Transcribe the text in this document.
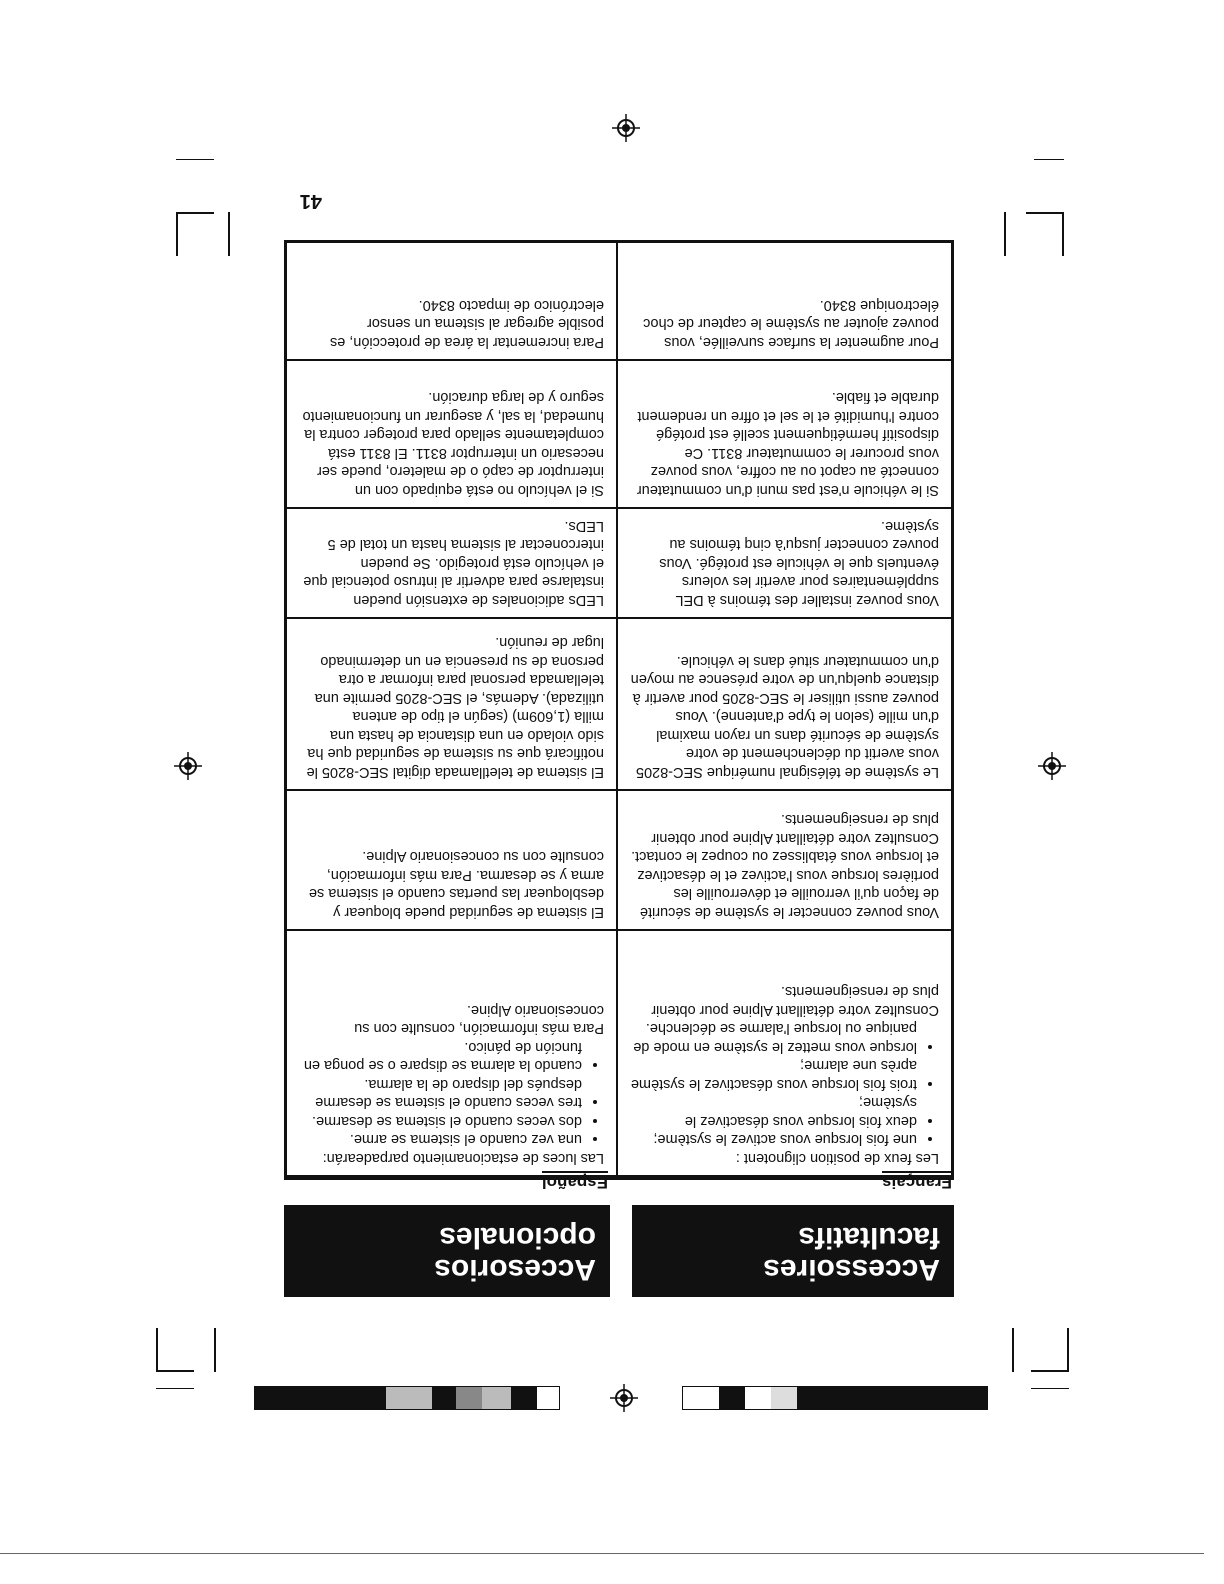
Accessoires facultatifs
Accesorios opcionales
Français
Español
Les feux de position clignotent :
• une fois lorsque vous activez le système;
• deux fois lorsque vous désactivez le système;
• trois fois lorsque vous désactivez le système après une alarme;
• lorsque vous mettez le système en mode de panique ou lorsque l'alarme se déclenche.
Consultez votre détaillant Alpine pour obtenir plus de renseignements.
Las luces de estacionamiento parpadearán:
• una vez cuando el sistema se arme.
• dos veces cuando el sistema se desarme.
• tres veces cuando el sistema se desarme después del disparo de la alarma.
• cuando la alarma se dispare o se ponga en función de pánico.
Para más información, consulte con su concesionario Alpine.
Vous pouvez connecter le système de sécurité de façon qu'il verrouille et déverrouille les portières lorsque vous l'activez et le désactivez et lorsque vous établissez ou coupez le contact. Consultez votre détaillant Alpine pour obtenir plus de renseignements.
El sistema de seguridad puede bloquear y desbloquear las puertas cuando el sistema se arma y se desarma. Para más información, consulte con su concesionario Alpine.
Le système de télésignal numérique SEC-8205 vous avertit du déclenchement de votre système de sécurité dans un rayon maximal d'un mille (selon le type d'antenne). Vous pouvez aussi utiliser le SEC-8205 pour avertir à distance quelqu'un de votre présence au moyen d'un commutateur situé dans le véhicule.
El sistema de teletllamada digital SEC-8205 le notificará que su sistema de seguridad que ha sido violado en una distancia de hasta una milla (1,609m) (según el tipo de antena utilizada). Además, el SEC-8205 permite una telellamada personal para informar a otra persona de su presencia en un determinado lugar de reunión.
Vous pouvez installer des témoins à DEL supplémentaires pour avertir les voleurs éventuels que le véhicule est protégé. Vous pouvez connecter jusqu'à cinq témoins au système.
LEDs adicionales de extensión pueden instalarse para advertir al intruso potencial que el vehículo está protegido. Se pueden interconectar al sistema hasta un total de 5 LEDs.
Si le véhicule n'est pas muni d'un commutateur connecté au capot ou au coffre, vous pouvez vous procurer le commutateur 8311. Ce dispositif hermétiquement scellé est protégé contre l'humidité et le sel et offre un rendement durable et fiable.
Si el vehículo no está equipado con un interruptor de capó o de maletero, puede ser necesario un interruptor 8311. El 8311 está completamente sellado para proteger contra la humedad, la sal, y asegurar un funcionamiento seguro y de larga duración.
Pour augmenter la surface surveillée, vous pouvez ajouter au système le capteur de choc électronique 8340.
Para incrementar la área de protección, es posible agregar al sistema un sensor electrónico de impacto 8340.
41
